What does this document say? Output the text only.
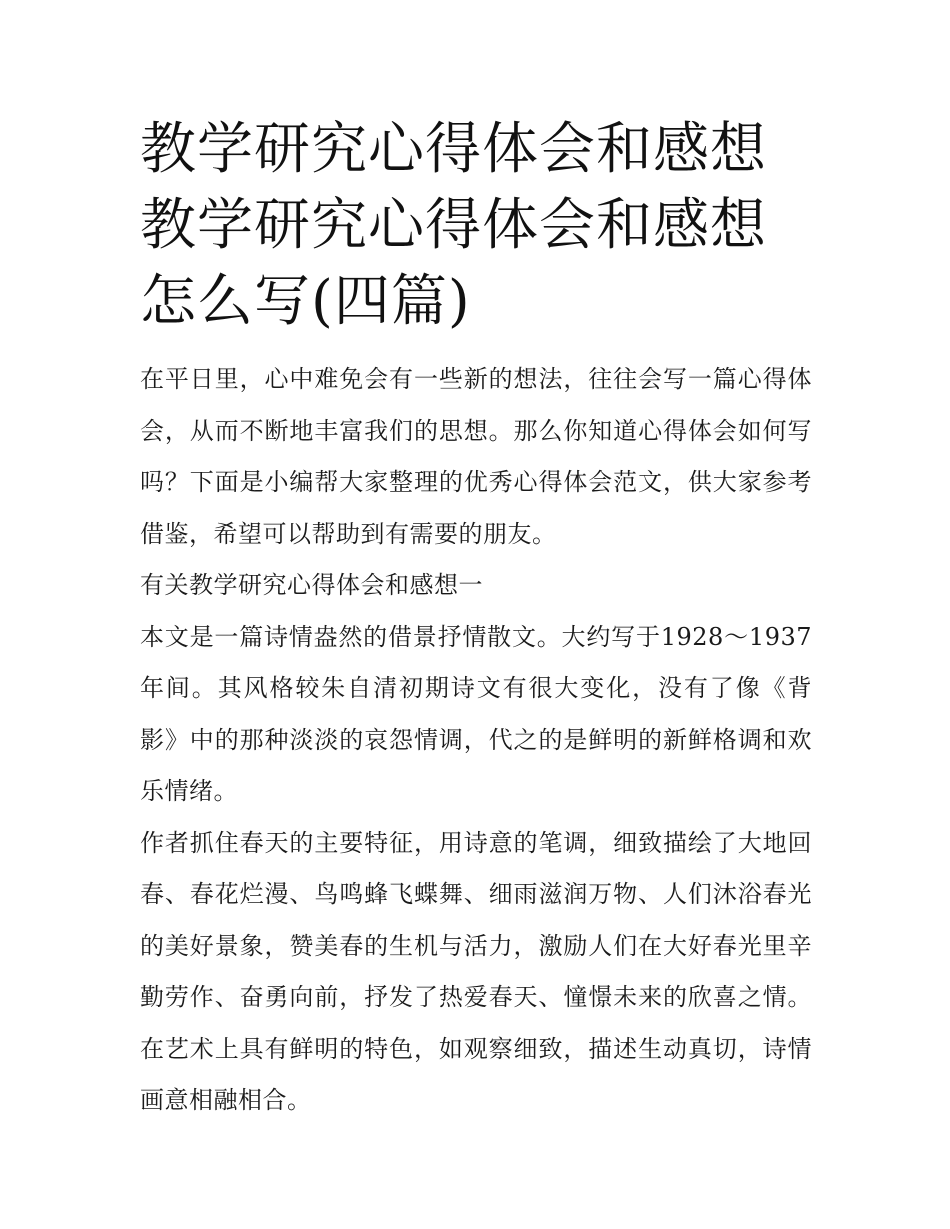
教学研究心得体会和感想 教学研究心得体会和感想怎么写(四篇)

在平日里，心中难免会有一些新的想法，往往会写一篇心得体会，从而不断地丰富我们的思想。那么你知道心得体会如何写吗？下面是小编帮大家整理的优秀心得体会范文，供大家参考借鉴，希望可以帮助到有需要的朋友。

有关教学研究心得体会和感想一

本文是一篇诗情盎然的借景抒情散文。大约写于1928～1937年间。其风格较朱自清初期诗文有很大变化，没有了像《背影》中的那种淡淡的哀怨情调，代之的是鲜明的新鲜格调和欢乐情绪。

作者抓住春天的主要特征，用诗意的笔调，细致描绘了大地回春、春花烂漫、鸟鸣蜂飞蝶舞、细雨滋润万物、人们沐浴春光的美好景象，赞美春的生机与活力，激励人们在大好春光里辛勤劳作、奋勇向前，抒发了热爱春天、憧憬未来的欣喜之情。在艺术上具有鲜明的特色，如观察细致，描述生动真切，诗情画意相融相合。
